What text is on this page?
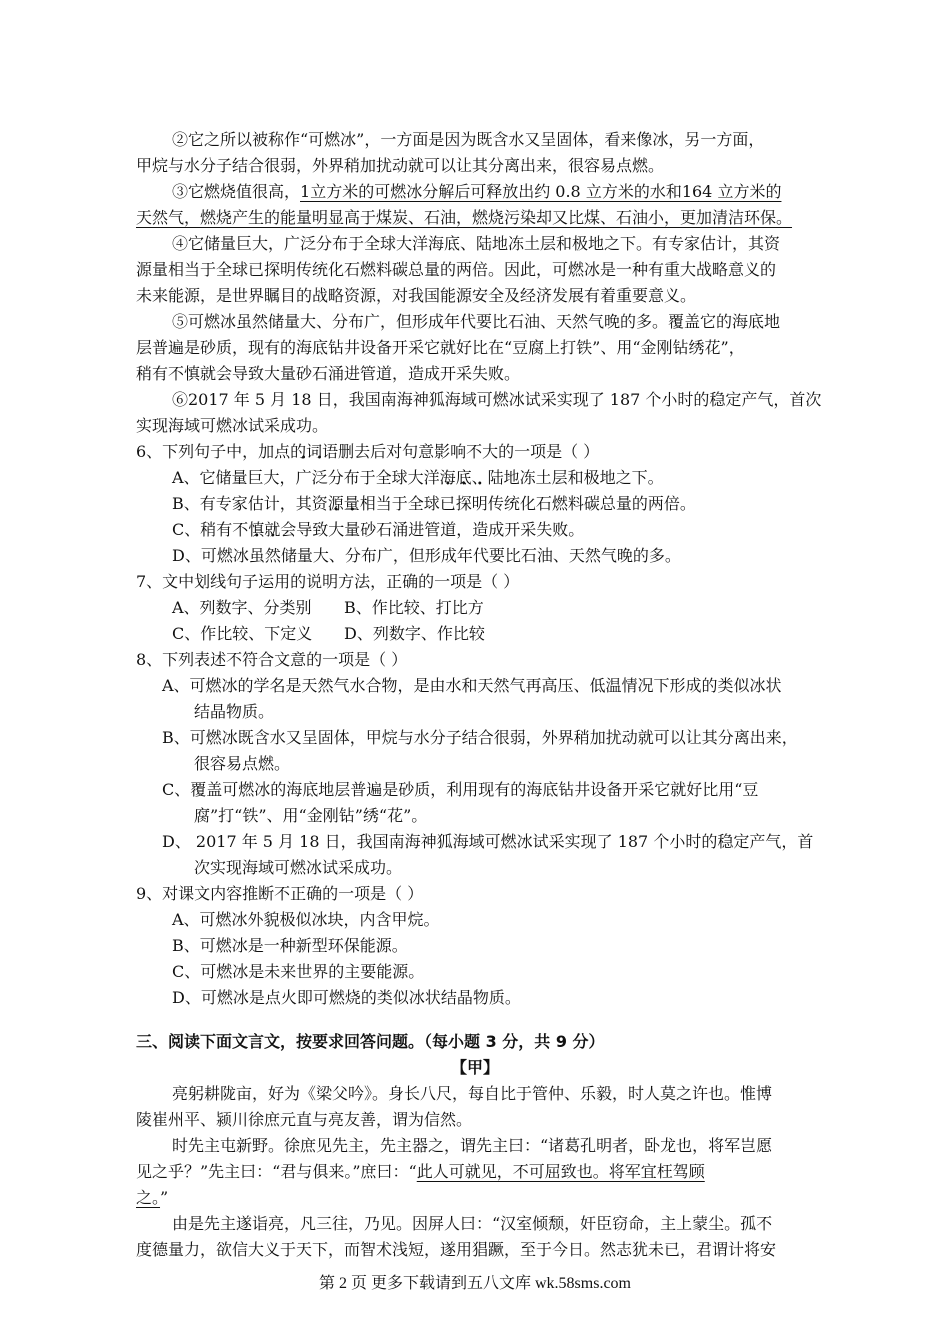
②它之所以被称作“可燃冰”，一方面是因为既含水又呈固体，看来像冰，另一方面，
甲烷与水分子结合很弱，外界稍加扰动就可以让其分离出来，很容易点燃。
③它燃烧值很高，1立方米的可燃冰分解后可释放出约 0.8 立方米的水和164 立方米的
天然气，燃烧产生的能量明显高于煤炭、石油，燃烧污染却又比煤、石油小，更加清洁环保。
④它储量巨大，广泛分布于全球大洋海底、陆地冻土层和极地之下。有专家估计，其资
源量相当于全球已探明传统化石燃料碳总量的两倍。因此，可燃冰是一种有重大战略意义的
未来能源，是世界瞩目的战略资源，对我国能源安全及经济发展有着重要意义。
⑤可燃冰虽然储量大、分布广，但形成年代要比石油、天然气晚的多。覆盖它的海底地
层普遍是砂质，现有的海底钻井设备开采它就好比在“豆腐上打铁”、用“金刚钻绣花”，
稍有不慎就会导致大量砂石涌进管道，造成开采失败。
⑥2017 年 5 月 18 日，我国南海神狐海域可燃冰试采实现了 187 个小时的稳定产气，首次
实现海域可燃冰试采成功。
6、下列句子中，加点的词语删去后对句意影响不大的一项是（ ）
A、它储量巨大，广泛分布于全球大洋海底、陆地冻土层和极地之下。
B、有专家估计，其资源量相当于全球已探明传统化石燃料碳总量的两倍。
C、稍有不慎就会导致大量砂石涌进管道，造成开采失败。
D、可燃冰虽然储量大、分布广，但形成年代要比石油、天然气晚的多。
7、文中划线句子运用的说明方法，正确的一项是（ ）
A、列数字、分类别 B、作比较、打比方
C、作比较、下定义 D、列数字、作比较
8、下列表述不符合文意的一项是（ ）
A、可燃冰的学名是天然气水合物，是由水和天然气再高压、低温情况下形成的类似冰状
结晶物质。
B、可燃冰既含水又呈固体，甲烷与水分子结合很弱，外界稍加扰动就可以让其分离出来，
很容易点燃。
C、覆盖可燃冰的海底地层普遍是砂质，利用现有的海底钻井设备开采它就好比用“豆
腐”打“铁”、用“金刚钻”绣“花”。
D、 2017 年 5 月 18 日，我国南海神狐海域可燃冰试采实现了 187 个小时的稳定产气，首
次实现海域可燃冰试采成功。
9、对课文内容推断不正确的一项是（ ）
A、可燃冰外貌极似冰块，内含甲烷。
B、可燃冰是一种新型环保能源。
C、可燃冰是未来世界的主要能源。
D、可燃冰是点火即可燃烧的类似冰状结晶物质。
三、阅读下面文言文，按要求回答问题。（每小题 3 分，共 9 分）
【甲】
亮躬耕陇亩，好为《梁父吟》。身长八尺，每自比于管仲、乐毅，时人莫之许也。惟博
陵崔州平、颍川徐庶元直与亮友善，谓为信然。
时先主屯新野。徐庶见先主，先主器之，谓先主曰：“诸葛孔明者，卧龙也，将军岂愿
见之乎？”先主曰：“君与俱来。”庶曰：“此人可就见，不可屈致也。将军宜枉驾顾
之。”
由是先主遂诣亮，凡三往，乃见。因屏人曰：“汉室倾颓，奸臣窃命，主上蒙尘。孤不
度德量力，欲信大义于天下，而智术浅短，遂用猖蹶，至于今日。然志犹未已，君谓计将安
第 2 页 更多下载请到五八文库 wk.58sms.com
